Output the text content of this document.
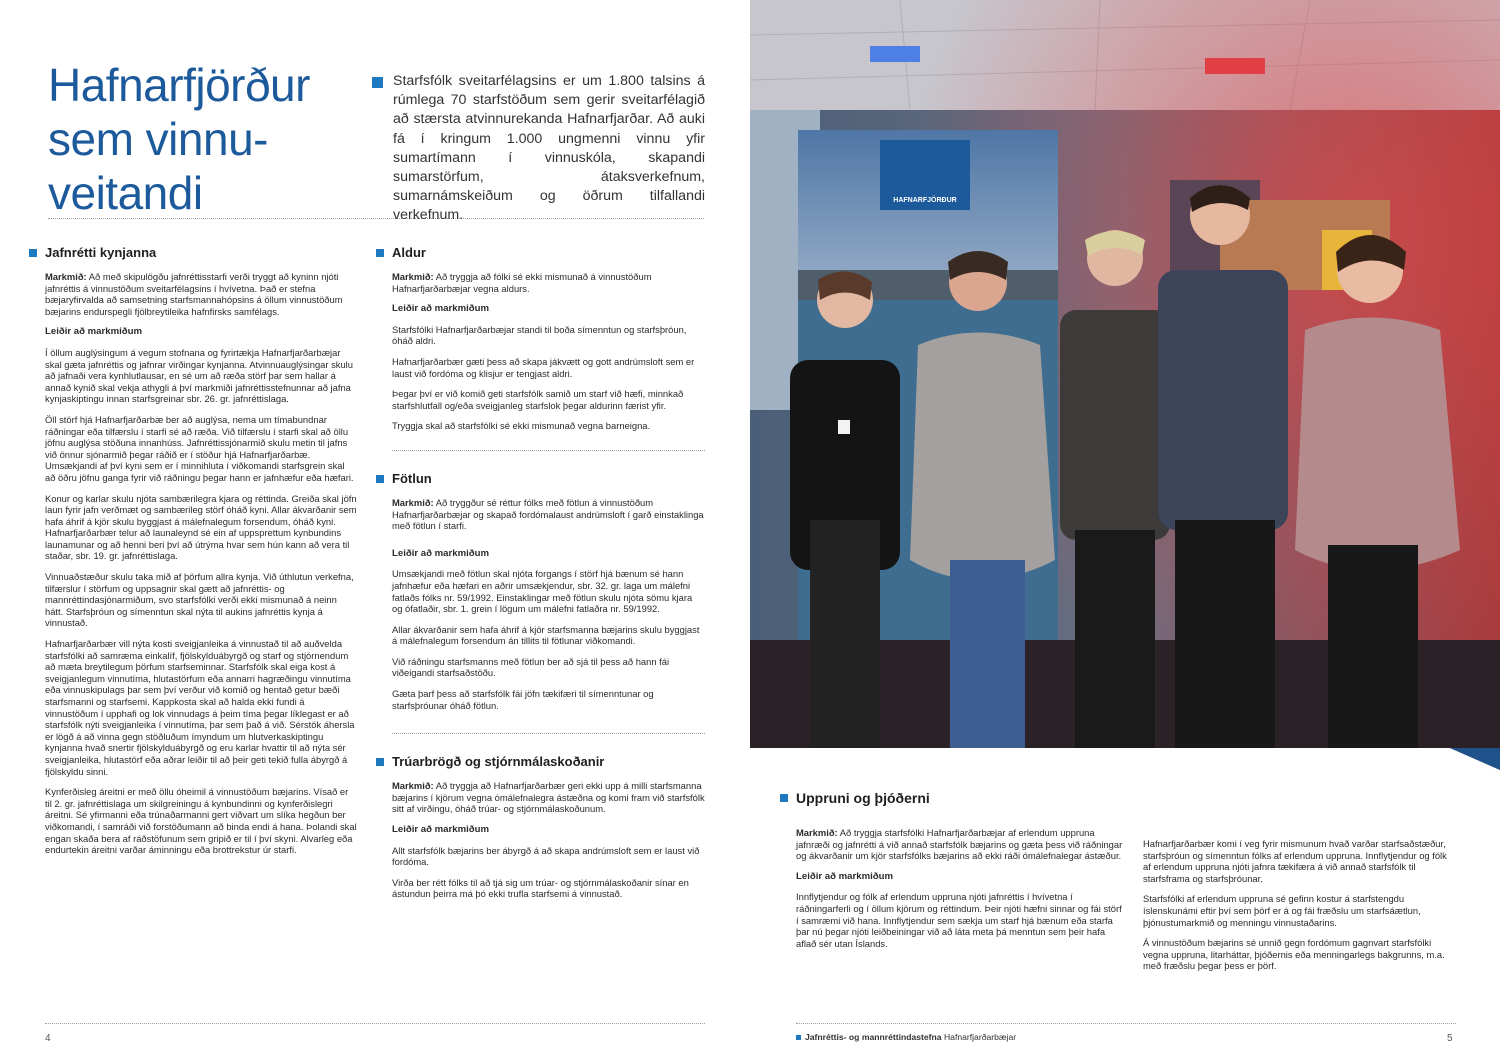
Hafnarfjörður
sem vinnu-
veitandi

Starfsfólk sveitarfélagsins er um 1.800 talsins á rúmlega 70 starfstöðum sem gerir sveitarfélagið að stærsta atvinnurekanda Hafnarfjarðar. Að auki fá í kringum 1.000 ungmenni vinnu yfir sumartímann í vinnuskóla, skapandi sumarstörfum, átaksverkefnum, sumarnámskeiðum og öðrum tilfallandi verkefnum.

Jafnrétti kynjanna

Markmið: Að með skipulögðu jafnréttisstarfi verði tryggt að kyninn njóti jafnréttis á vinnustöðum sveitarfélagsins í hvívetna. Það er stefna bæjaryfirvalda að samsetning starfsmannahópsins á öllum vinnustöðum bæjarins endurspegli fjölbreytileika hafnfirsks samfélags.

Leiðir að markmiðum

Í öllum auglýsingum á vegum stofnana og fyrirtækja Hafnarfjarðarbæjar skal gæta jafnréttis og jafnrar virðingar kynjanna. Atvinnuauglýsingar skulu að jafnaði vera kynhlutlausar, en sé um að ræða störf þar sem hallar á annað kynið skal vekja athygli á því markmiði jafnréttisstefnunnar að jafna kynjaskiptingu innan starfsgreinar sbr. 26. gr. jafnréttislaga.

Öll störf hjá Hafnarfjarðarbæ ber að auglýsa, nema um tímabundnar ráðningar eða tilfærslu í starfi sé að ræða. Við tilfærslu í starfi skal að öllu jöfnu auglýsa stöðuna innanhúss. Jafnréttissjónarmið skulu metin til jafns við önnur sjónarmið þegar ráðið er í stöður hjá Hafnarfjarðarbæ. Umsækjandi af því kyni sem er í minnihluta í viðkomandi starfsgrein skal að öðru jöfnu ganga fyrir við ráðningu þegar hann er jafnhæfur eða hæfari.

Konur og karlar skulu njóta sambærilegra kjara og réttinda. Greiða skal jöfn laun fyrir jafn verðmæt og sambærileg störf óháð kyni. Allar ákvarðanir sem hafa áhrif á kjör skulu byggjast á málefnalegum forsendum, óháð kyni. Hafnarfjarðarbær telur að launaleynd sé ein af uppsprettum kynbundins launamunar og að henni beri því að útrýma hvar sem hún kann að vera til staðar, sbr. 19. gr. jafnréttislaga.

Vinnuaðstæður skulu taka mið af þörfum allra kynja. Við úthlutun verkefna, tilfærslur í störfum og uppsagnir skal gætt að jafnréttis- og mannréttindasjónarmiðum, svo starfsfólki verði ekki mismunað á neinn hátt. Starfsþróun og símenntun skal nýta til aukins jafnréttis kynja á vinnustað.

Hafnarfjarðarbær vill nýta kosti sveigjanleika á vinnustað til að auðvelda starfsfólki að samræma einkalíf, fjölskylduábyrgð og starf og stjórnendum að mæta breytilegum þörfum starfseminnar. Starfsfólk skal eiga kost á sveigjanlegum vinnutíma, hlutastörfum eða annarri hagræðingu vinnutíma eða vinnuskipulags þar sem því verður við komið og hentað getur bæði starfsmanni og starfsemi. Kappkosta skal að halda ekki fundi á vinnustöðum í upphafi og lok vinnudags á þeim tíma þegar líklegast er að starfsfólk nýti sveigjanleika í vinnutíma, þar sem það á við. Sérstök áhersla er lögð á að vinna gegn stöðluðum ímyndum um hlutverkaskiptingu kynjanna hvað snertir fjölskylduábyrgð og eru karlar hvattir til að nýta sér sveigjanleika, hlutastörf eða aðrar leiðir til að þeir geti tekið fulla ábyrgð á fjölskyldu sinni.

Kynferðisleg áreitni er með öllu óheimil á vinnustöðum bæjarins. Vísað er til 2. gr. jafnréttislaga um skilgreiningu á kynbundinni og kynferðislegri áreitni. Sé yfirmanni eða trúnaðarmanni gert viðvart um slíka hegðun ber viðkomandi, í samráði við forstöðumann að binda endi á hana. Þolandi skal engan skaða bera af ráðstöfunum sem gripið er til í því skyni. Alvarleg eða endurtekin áreitni varðar áminningu eða brottrekstur úr starfi.

Aldur

Markmið: Að tryggja að fólki sé ekki mismunað á vinnustöðum Hafnarfjarðarbæjar vegna aldurs.

Leiðir að markmiðum

Starfsfólki Hafnarfjarðarbæjar standi til boða símenntun og starfsþróun, óháð aldri.

Hafnarfjarðarbær gæti þess að skapa jákvætt og gott andrúmsloft sem er laust við fordóma og klisjur er tengjast aldri.

Þegar því er við komið geti starfsfólk samið um starf við hæfi, minnkað starfshlutfall og/eða sveigjanleg starfslok þegar aldurinn færist yfir.

Tryggja skal að starfsfólki sé ekki mismunað vegna barneigna.

Fötlun

Markmið: Að tryggður sé réttur fólks með fötlun á vinnustöðum Hafnarfjarðarbæjar og skapað fordómalaust andrúmsloft í garð einstaklinga með fötlun í starfi.

Leiðir að markmiðum

Umsækjandi með fötlun skal njóta forgangs í störf hjá bænum sé hann jafnhæfur eða hæfari en aðrir umsækjendur, sbr. 32. gr. laga um málefni fatlaðs fólks nr. 59/1992. Einstaklingar með fötlun skulu njóta sömu kjara og ófatlaðir, sbr. 1. grein í lögum um málefni fatlaðra nr. 59/1992.

Allar ákvarðanir sem hafa áhrif á kjör starfsmanna bæjarins skulu byggjast á málefnalegum forsendum án tillits til fötlunar viðkomandi.

Við ráðningu starfsmanns með fötlun ber að sjá til þess að hann fái viðeigandi starfsaðstöðu.

Gæta þarf þess að starfsfólk fái jöfn tækifæri til símenntunar og starfsþróunar óháð fötlun.

Trúarbrögð og stjórnmálaskoðanir

Markmið: Að tryggja að Hafnarfjarðarbær geri ekki upp á milli starfsmanna bæjarins í kjörum vegna ómálefnalegra ástæðna og komi fram við starfsfólk sitt af virðingu, óháð trúar- og stjórnmálaskoðunum.

Leiðir að markmiðum

Allt starfsfólk bæjarins ber ábyrgð á að skapa andrúmsloft sem er laust við fordóma.

Virða ber rétt fólks til að tjá sig um trúar- og stjórnmálaskoðanir sínar en ástundun þeirra má þó ekki trufla starfsemi á vinnustað.

4
HAFNARFJÖRÐUR
Uppruni og þjóðerni

Markmið: Að tryggja starfsfólki Hafnarfjarðarbæjar af erlendum uppruna jafnræði og jafnrétti á við annað starfsfólk bæjarins og gæta þess við ráðningar og ákvarðanir um kjör starfsfólks bæjarins að ekki ráði ómálefnalegar ástæður.

Leiðir að markmiðum

Innflytjendur og fólk af erlendum uppruna njóti jafnréttis í hvívetna í ráðningarferli og í öllum kjörum og réttindum. Þeir njóti hæfni sinnar og fái störf í samræmi við hana. Innflytjendur sem sækja um starf hjá bænum eða starfa þar nú þegar njóti leiðbeiningar við að láta meta þá menntun sem þeir hafa aflað sér utan Íslands.

Hafnarfjarðarbær komi í veg fyrir mismunum hvað varðar starfsaðstæður, starfsþróun og símenntun fólks af erlendum uppruna. Innflytjendur og fólk af erlendum uppruna njóti jafnra tækifæra á við annað starfsfólk til starfsframa og starfsþróunar.

Starfsfólki af erlendum uppruna sé gefinn kostur á starfstengdu íslenskunámi eftir því sem þörf er á og fái fræðslu um starfsáætlun, þjónustumarkmið og menningu vinnustaðarins.

Á vinnustöðum bæjarins sé unnið gegn fordómum gagnvart starfsfólki vegna uppruna, litarháttar, þjóðernis eða menningarlegs bakgrunns, m.a. með fræðslu þegar þess er þörf.

Jafnréttis- og mannréttindastefna Hafnarfjarðarbæjar	5
